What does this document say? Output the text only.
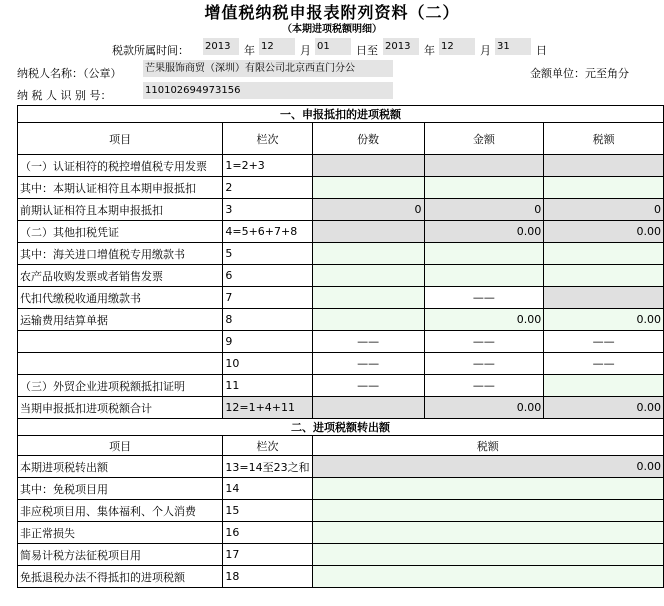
增值税纳税申报表附列资料（二）
（本期进项税额明细）
税款所属时间： 2013	年 12	月 01	日至 2013	年 12	月 31	日
纳税人名称：（公章） 芒果服饰商贸（深圳）有限公司北京西直门分公	金额单位：元至角分
纳 税 人 识 别 号：	110102694973156
一、申报抵扣的进项税额				
项目	栏次	份数	金额	税额
（一）认证相符的税控增值税专用发票	1=2+3			
其中：本期认证相符且本期申报抵扣	2			
前期认证相符且本期申报抵扣	3	0	0	0
（二）其他扣税凭证	4=5+6+7+8		0.00	0.00
其中：海关进口增值税专用缴款书	5			
农产品收购发票或者销售发票	6			
代扣代缴税收通用缴款书	7		——	
运输费用结算单据	8		0.00	0.00
	9	——	——	——
	10	——	——	——
（三）外贸企业进项税额抵扣证明	11	——	——	
当期申报抵扣进项税额合计	12=1+4+11		0.00	0.00
二、进项税额转出额				
项目	栏次	税额		
本期进项税转出额	13=14至23之和	0.00		
其中：免税项目用	14			
非应税项目用、集体福利、个人消费	15			
非正常损失	16			
简易计税方法征税项目用	17			
免抵退税办法不得抵扣的进项税额	18			
